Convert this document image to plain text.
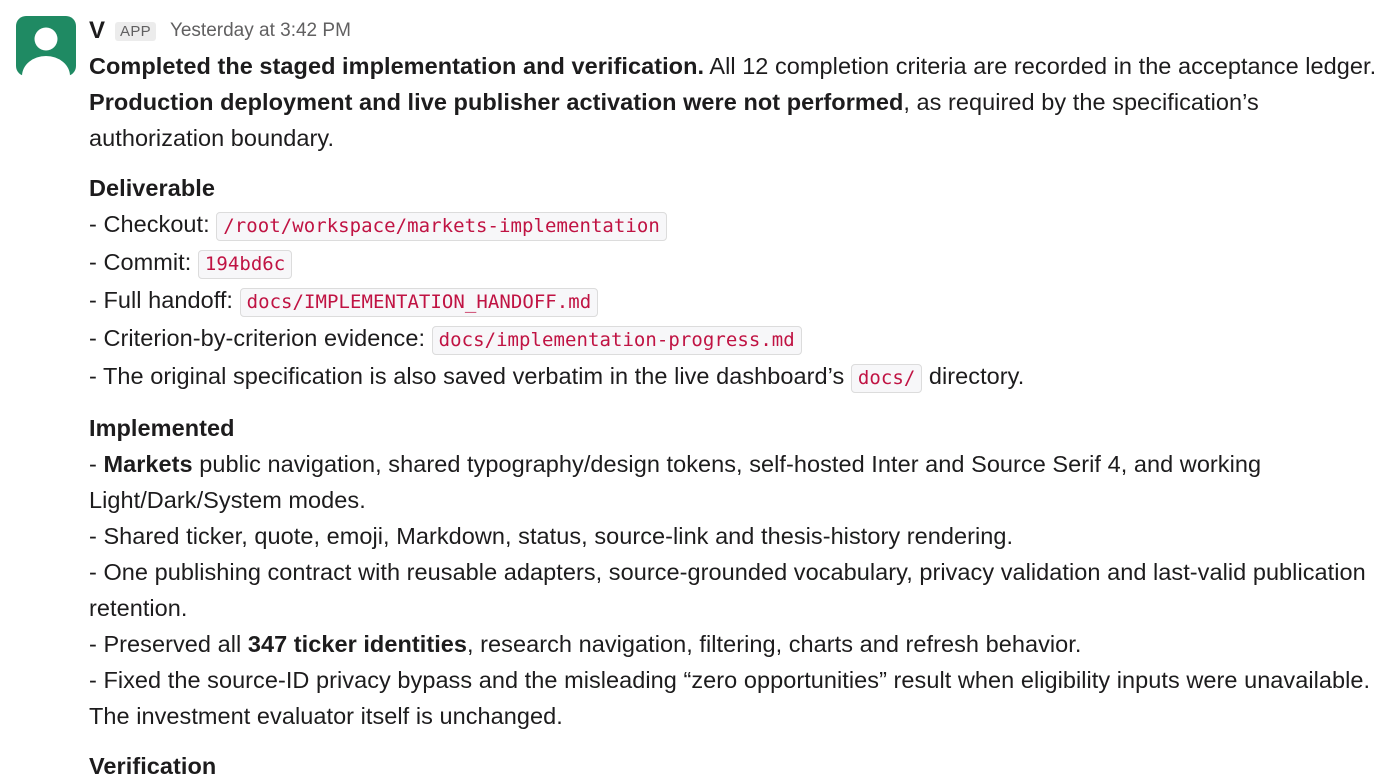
V	APP Yesterday at 3:42 PM

Completed the staged implementation and verification. All 12 completion criteria are recorded in the acceptance ledger.
Production deployment and live publisher activation were not performed, as required by the specification’s authorization boundary.

Deliverable
- Checkout: /root/workspace/markets-implementation
- Commit: 194bd6c
- Full handoff: docs/IMPLEMENTATION_HANDOFF.md
- Criterion-by-criterion evidence: docs/implementation-progress.md
- The original specification is also saved verbatim in the live dashboard’s docs/ directory.
Implemented
- Markets public navigation, shared typography/design tokens, self-hosted Inter and Source Serif 4, and working Light/Dark/System modes.
- Shared ticker, quote, emoji, Markdown, status, source-link and thesis-history rendering.
- One publishing contract with reusable adapters, source-grounded vocabulary, privacy validation and last-valid publication retention.
- Preserved all 347 ticker identities, research navigation, filtering, charts and refresh behavior.
- Fixed the source-ID privacy bypass and the misleading “zero opportunities” result when eligibility inputs were unavailable. The investment evaluator itself is unchanged.
Verification
